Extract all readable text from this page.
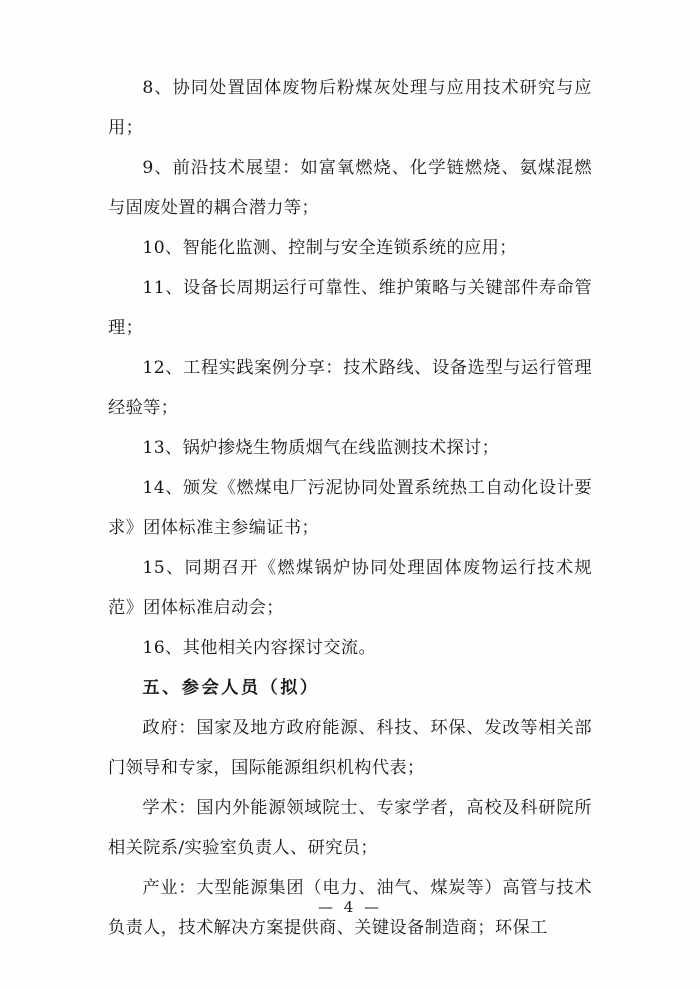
8、协同处置固体废物后粉煤灰处理与应用技术研究与应用；

9、前沿技术展望：如富氧燃烧、化学链燃烧、氨煤混燃与固废处置的耦合潜力等；

10、智能化监测、控制与安全连锁系统的应用；

11、设备长周期运行可靠性、维护策略与关键部件寿命管理；

12、工程实践案例分享：技术路线、设备选型与运行管理经验等；

13、锅炉掺烧生物质烟气在线监测技术探讨；

14、颁发《燃煤电厂污泥协同处置系统热工自动化设计要求》团体标准主参编证书；

15、同期召开《燃煤锅炉协同处理固体废物运行技术规范》团体标准启动会；

16、其他相关内容探讨交流。

五、参会人员（拟）

政府：国家及地方政府能源、科技、环保、发改等相关部门领导和专家，国际能源组织机构代表；

学术：国内外能源领域院士、专家学者，高校及科研院所相关院系/实验室负责人、研究员；

产业：大型能源集团（电力、油气、煤炭等）高管与技术负责人，技术解决方案提供商、关键设备制造商；环保工

— 4 —
